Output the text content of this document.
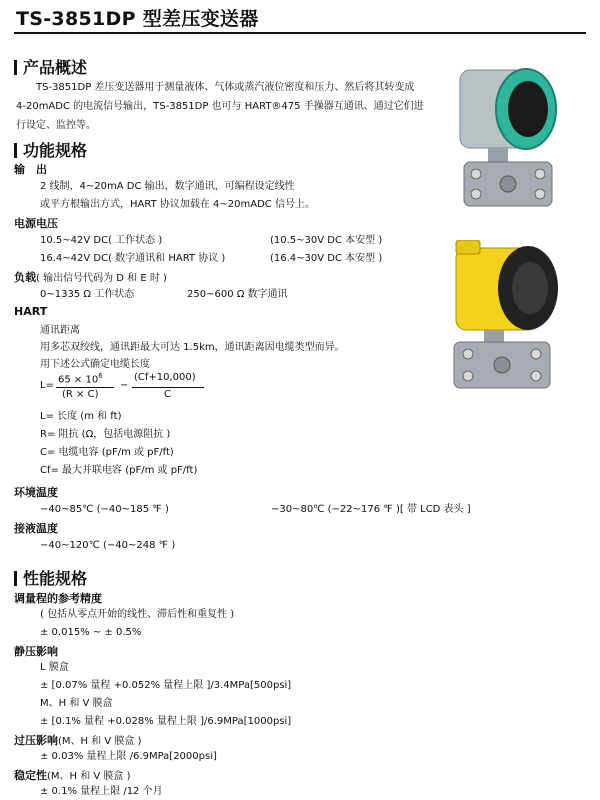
TS-3851DP 型差压变送器
产品概述
TS-3851DP 差压变送器用于测量液体、气体或蒸汽液位密度和压力、然后将其转变成 4-20mADC 的电流信号输出，TS-3851DP 也可与 HART®475 手操器互通讯、通过它们进行设定、监控等。
功能规格
输　出
2 线制，4~20mA DC 输出，数字通讯，可编程设定线性
或平方根输出方式，HART 协议加载在 4~20mADC 信号上。
电源电压
10.5~42V DC( 工作状态 )	(10.5~30V DC 本安型 )
16.4~42V DC( 数字通讯和 HART 协议 )	(16.4~30V DC 本安型 )
负载( 输出信号代码为 D 和 E 时 )
0~1335 Ω 工作状态	250~600 Ω 数字通讯
HART
通讯距离
用多芯双绞线，通讯距最大可达 1.5km，通讯距离因电缆类型而异。
用下述公式确定电缆长度
L=
$65 \times 10^6$
(R × C)
−
(Cf+10,000)
C
L= 长度 (m 和 ft)
R= 阻抗 (Ω，包括电源阻抗 )
C= 电缆电容 (pF/m 或 pF/ft)
Cf= 最大并联电容 (pF/m 或 pF/ft)
环境温度
−40~85℃ (−40~185 ℉ )	−30~80℃ (−22~176 ℉ )[ 带 LCD 表头 ]
接液温度
−40~120℃ (−40~248 ℉ )
性能规格
调量程的参考精度
( 包括从零点开始的线性、滞后性和重复性 )
± 0.015% ~ ± 0.5%
静压影响
L 膜盒
± [0.07% 量程 +0.052% 量程上限 ]/3.4MPa[500psi]
M、H 和 V 膜盒
± [0.1% 量程 +0.028% 量程上限 ]/6.9MPa[1000psi]
过压影响(M、H 和 V 膜盒 )
± 0.03% 量程上限 /6.9MPa[2000psi]
稳定性(M、H 和 V 膜盒 )
± 0.1% 量程上限 /12 个月
